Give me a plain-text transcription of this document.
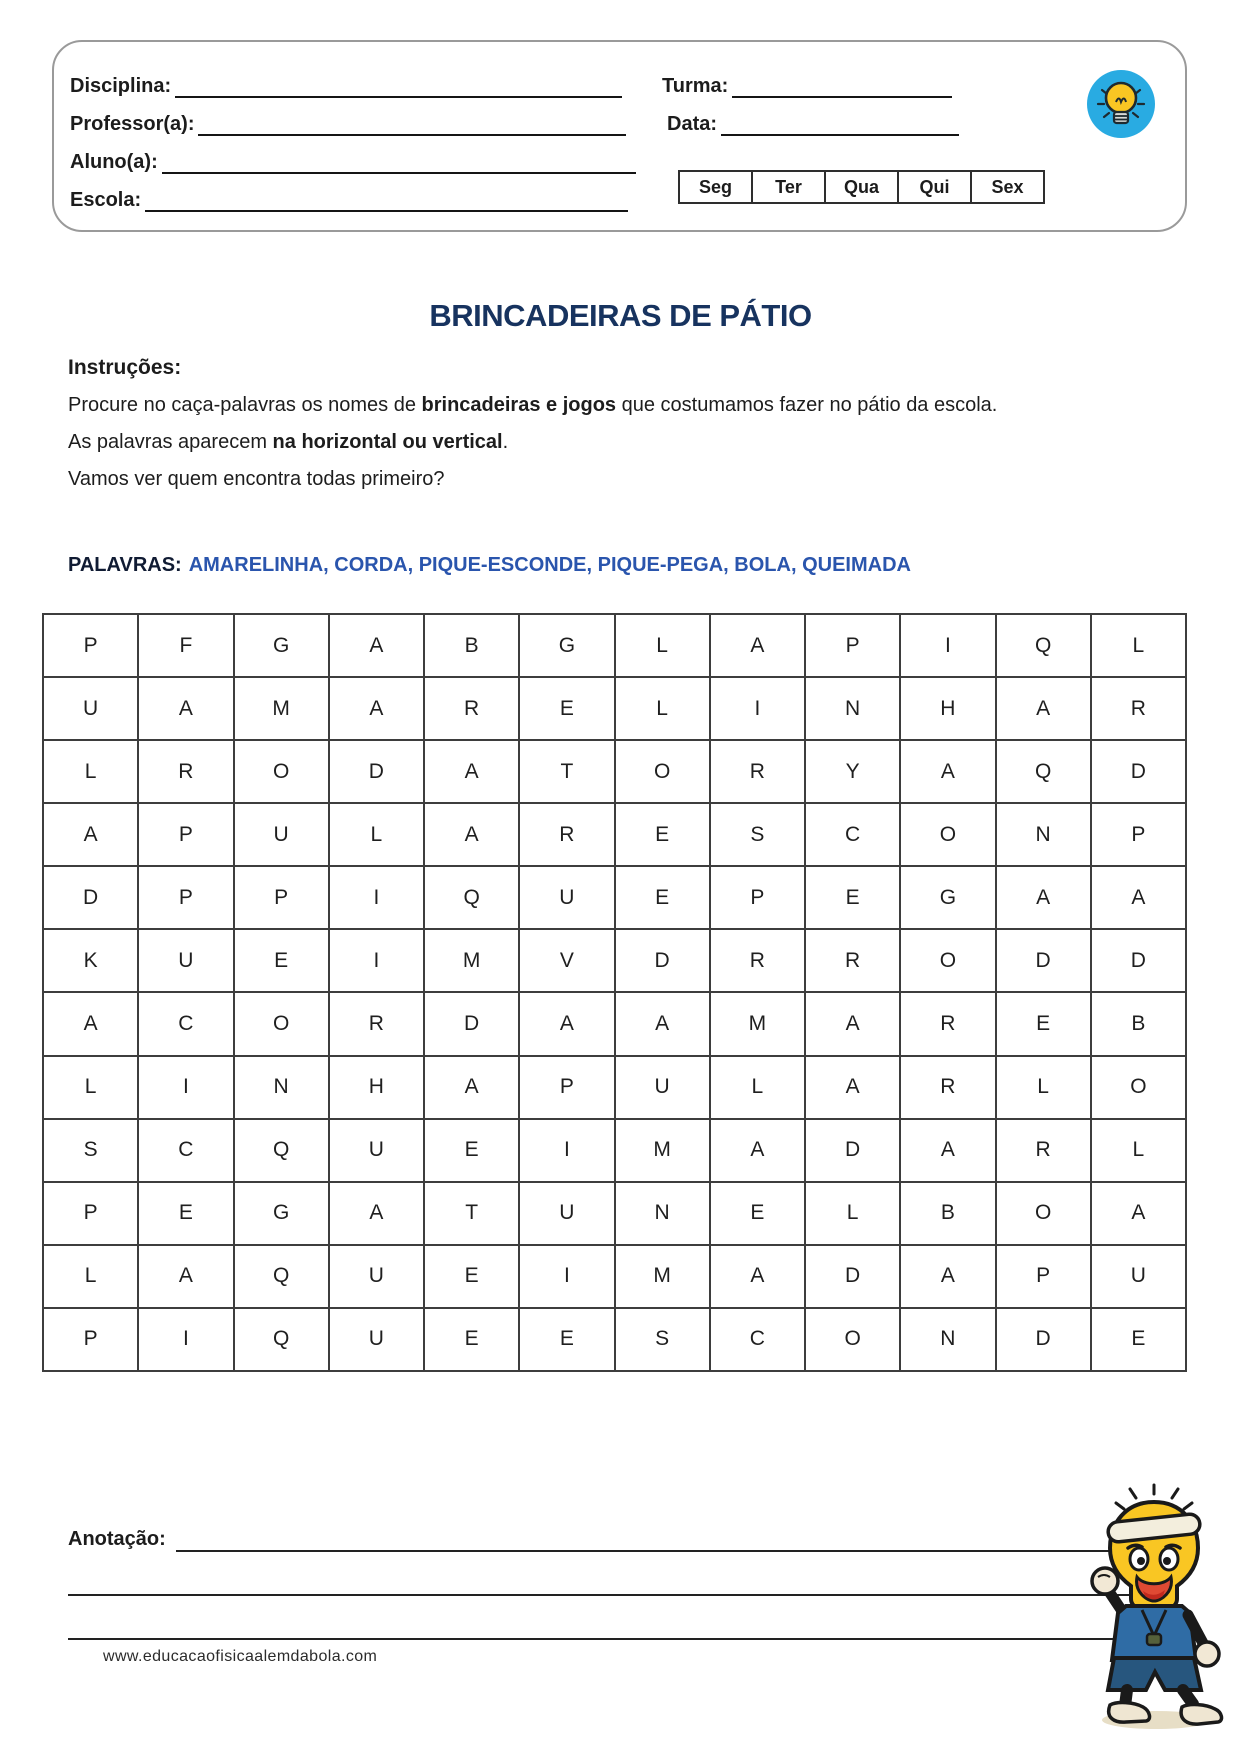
Disciplina:
Professor(a):
Aluno(a):
Escola:
Turma:
Data:
Seg	Ter	Qua	Qui	Sex
BRINCADEIRAS DE PÁTIO
Instruções:
Procure no caça-palavras os nomes de brincadeiras e jogos que costumamos fazer no pátio da escola.
As palavras aparecem na horizontal ou vertical.
Vamos ver quem encontra todas primeiro?
PALAVRAS: AMARELINHA, CORDA, PIQUE-ESCONDE, PIQUE-PEGA, BOLA, QUEIMADA
P	F	G	A	B	G	L	A	P	I	Q	L
U	A	M	A	R	E	L	I	N	H	A	R
L	R	O	D	A	T	O	R	Y	A	Q	D
A	P	U	L	A	R	E	S	C	O	N	P
D	P	P	I	Q	U	E	P	E	G	A	A
K	U	E	I	M	V	D	R	R	O	D	D
A	C	O	R	D	A	A	M	A	R	E	B
L	I	N	H	A	P	U	L	A	R	L	O
S	C	Q	U	E	I	M	A	D	A	R	L
P	E	G	A	T	U	N	E	L	B	O	A
L	A	Q	U	E	I	M	A	D	A	P	U
P	I	Q	U	E	E	S	C	O	N	D	E
Anotação:
www.educacaofisicaalemdabola.com
